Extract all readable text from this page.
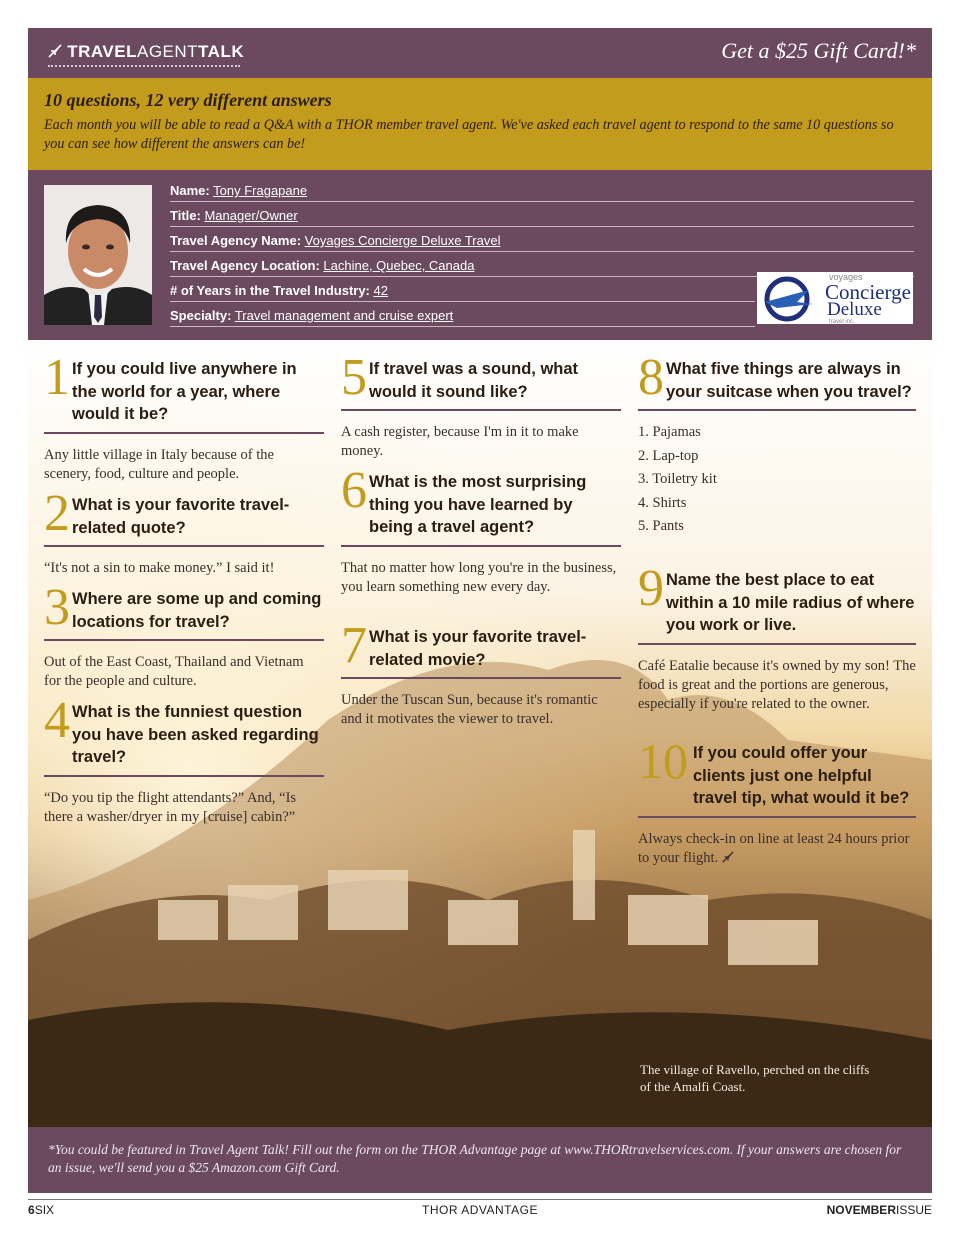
TRAVELAGENTTALK	Get a $25 Gift Card!*
10 questions, 12 very different answers
Each month you will be able to read a Q&A with a THOR member travel agent. We've asked each travel agent to respond to the same 10 questions so you can see how different the answers can be!
Name: Tony Fragapane
Title: Manager/Owner
Travel Agency Name: Voyages Concierge Deluxe Travel
Travel Agency Location: Lachine, Quebec, Canada
# of Years in the Travel Industry: 42
Specialty: Travel management and cruise expert
voyages
Concierge
Deluxe
travel inc.
1 If you could live anywhere in the world for a year, where would it be?
Any little village in Italy because of the scenery, food, culture and people.
2 What is your favorite travel-related quote?
“It's not a sin to make money.” I said it!
3 Where are some up and coming locations for travel?
Out of the East Coast, Thailand and Vietnam for the people and culture.
4 What is the funniest question you have been asked regarding travel?
“Do you tip the flight attendants?” And, “Is there a washer/dryer in my [cruise] cabin?”
5 If travel was a sound, what would it sound like?
A cash register, because I'm in it to make money.
6 What is the most surprising thing you have learned by being a travel agent?
That no matter how long you're in the business, you learn something new every day.
7 What is your favorite travel-related movie?
Under the Tuscan Sun, because it's romantic and it motivates the viewer to travel.
8 What five things are always in your suitcase when you travel?
1. Pajamas
2. Lap-top
3. Toiletry kit
4. Shirts
5. Pants
9 Name the best place to eat within a 10 mile radius of where you work or live.
Café Eatalie because it's owned by my son! The food is great and the portions are generous, especially if you're related to the owner.
10 If you could offer your clients just one helpful travel tip, what would it be?
Always check-in on line at least 24 hours prior to your flight.
The village of Ravello, perched on the cliffs of the Amalfi Coast.
*You could be featured in Travel Agent Talk! Fill out the form on the THOR Advantage page at www.THORtravelservices.com. If your answers are chosen for an issue, we'll send you a $25 Amazon.com Gift Card.
6SIX	THOR ADVANTAGE	NOVEMBERISSUE
